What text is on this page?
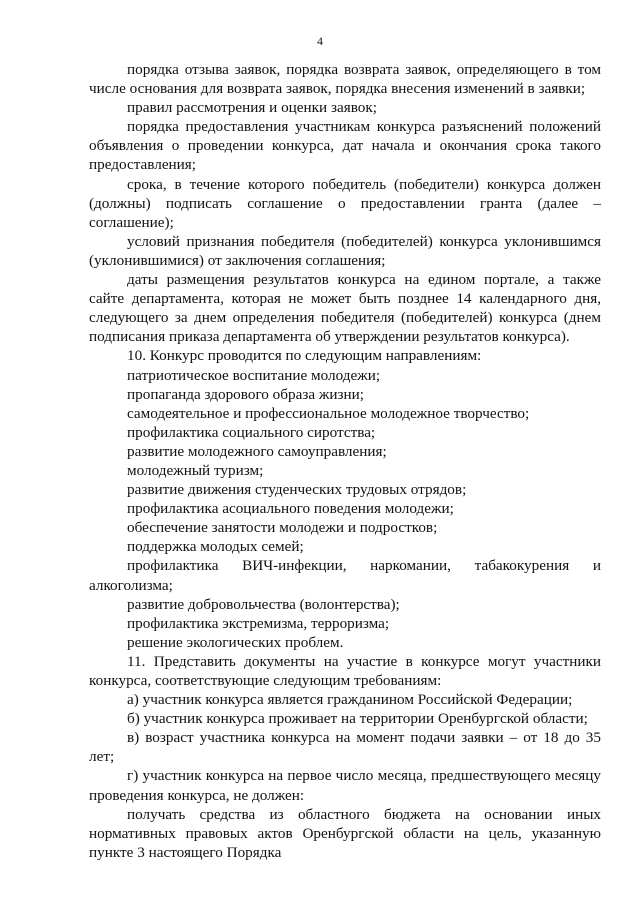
4

порядка отзыва заявок, порядка возврата заявок, определяющего в том числе основания для возврата заявок, порядка внесения изменений в заявки;

правил рассмотрения и оценки заявок;

порядка предоставления участникам конкурса разъяснений положений объявления о проведении конкурса, дат начала и окончания срока такого предоставления;

срока, в течение которого победитель (победители) конкурса должен (должны) подписать соглашение о предоставлении гранта (далее – соглашение);

условий признания победителя (победителей) конкурса уклонившимся (уклонившимися) от заключения соглашения;

даты размещения результатов конкурса на едином портале, а также сайте департамента, которая не может быть позднее 14 календарного дня, следующего за днем определения победителя (победителей) конкурса (днем подписания приказа департамента об утверждении результатов конкурса).

10. Конкурс проводится по следующим направлениям:

патриотическое воспитание молодежи;

пропаганда здорового образа жизни;

самодеятельное и профессиональное молодежное творчество;

профилактика социального сиротства;

развитие молодежного самоуправления;

молодежный туризм;

развитие движения студенческих трудовых отрядов;

профилактика асоциального поведения молодежи;

обеспечение занятости молодежи и подростков;

поддержка молодых семей;

профилактика ВИЧ-инфекции, наркомании, табакокурения и алкоголизма;

развитие добровольчества (волонтерства);

профилактика экстремизма, терроризма;

решение экологических проблем.

11. Представить документы на участие в конкурсе могут участники конкурса, соответствующие следующим требованиям:

а) участник конкурса является гражданином Российской Федерации;

б) участник конкурса проживает на территории Оренбургской области;

в) возраст участника конкурса на момент подачи заявки – от 18 до 35 лет;

г) участник конкурса на первое число месяца, предшествующего месяцу проведения конкурса, не должен:

получать средства из областного бюджета на основании иных нормативных правовых актов Оренбургской области на цель, указанную пункте 3 настоящего Порядка
